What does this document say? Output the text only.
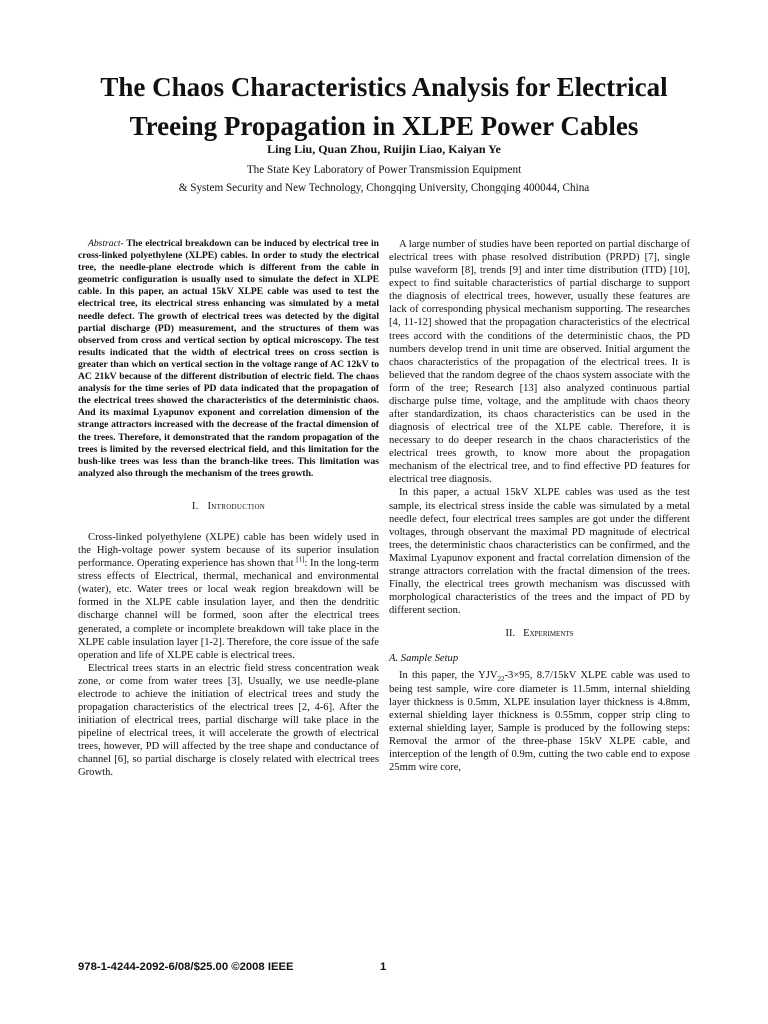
The Chaos Characteristics Analysis for Electrical
Treeing Propagation in XLPE Power Cables
Ling Liu, Quan Zhou, Ruijin Liao, Kaiyan Ye
The State Key Laboratory of Power Transmission Equipment
& System Security and New Technology, Chongqing University, Chongqing 400044, China

Abstract- The electrical breakdown can be induced by electrical tree in cross-linked polyethylene (XLPE) cables. In order to study the electrical tree, the needle-plane electrode which is different from the cable in geometric configuration is usually used to simulate the defect in XLPE cable. In this paper, an actual 15kV XLPE cable was used to test the electrical tree, its electrical stress enhancing was simulated by a metal needle defect. The growth of electrical trees was detected by the digital partial discharge (PD) measurement, and the structures of them was observed from cross and vertical section by optical microscopy. The test results indicated that the width of electrical trees on cross section is greater than which on vertical section in the voltage range of AC 12kV to AC 21kV because of the different distribution of electric field. The chaos analysis for the time series of PD data indicated that the propagation of the electrical trees showed the characteristics of the deterministic chaos. And its maximal Lyapunov exponent and correlation dimension of the strange attractors increased with the decrease of the fractal dimension of the trees. Therefore, it demonstrated that the random propagation of the trees is limited by the reversed electrical field, and this limitation for the bush-like trees was less than the branch-like trees. This limitation was analyzed also through the mechanism of the trees growth.

I. Introduction

Cross-linked polyethylene (XLPE) cable has been widely used in the High-voltage power system because of its superior insulation performance. Operating experience has shown that [1]: In the long-term stress effects of Electrical, thermal, mechanical and environmental (water), etc. Water trees or local weak region breakdown will be formed in the XLPE cable insulation layer, and then the dendritic discharge channel will be formed, soon after the electrical trees generated, a complete or incomplete breakdown will take place in the XLPE cable insulation layer [1-2]. Therefore, the core issue of the safe operation and life of XLPE cable is electrical trees.

Electrical trees starts in an electric field stress concentration weak zone, or come from water trees [3]. Usually, we use needle-plane electrode to achieve the initiation of electrical trees and study the propagation characteristics of the electrical trees [2, 4-6]. After the initiation of electrical trees, partial discharge will take place in the pipeline of electrical trees, it will accelerate the growth of electrical trees, however, PD will affected by the tree shape and conductance of channel [6], so partial discharge is closely related with electrical trees Growth.

A large number of studies have been reported on partial discharge of electrical trees with phase resolved distribution (PRPD) [7], single pulse waveform [8], trends [9] and inter time distribution (ITD) [10], expect to find suitable characteristics of partial discharge to support the diagnosis of electrical trees, however, usually these features are lack of corresponding physical mechanism supporting. The researches [4, 11-12] showed that the propagation characteristics of the electrical trees accord with the conditions of the deterministic chaos, the PD numbers develop trend in unit time are observed. Initial argument the chaos characteristics of the propagation of the electrical trees. It is believed that the random degree of the chaos system associate with the form of the tree; Research [13] also analyzed continuous partial discharge pulse time, voltage, and the amplitude with chaos theory after standardization, its chaos characteristics can be used in the diagnosis of electrical tree of the XLPE cable. Therefore, it is necessary to do deeper research in the chaos characteristics of the electrical trees growth, to know more about the propagation mechanism of the electrical tree, and to find effective PD features for electrical tree diagnosis.

In this paper, a actual 15kV XLPE cables was used as the test sample, its electrical stress inside the cable was simulated by a metal needle defect, four electrical trees samples are got under the different voltages, through observant the maximal PD magnitude of electrical trees, the deterministic chaos characteristics can be confirmed, and the Maximal Lyapunov exponent and fractal correlation dimension of the strange attractors correlation with the fractal dimension of the trees. Finally, the electrical trees growth mechanism was discussed with morphological characteristics of the trees and the impact of PD by different section.

II. Experiments
A. Sample Setup

In this paper, the $YJV_{22}-3\times 95$, 8.7/15kV XLPE cable was used to being test sample, wire core diameter is 11.5mm, internal shielding layer thickness is 0.5mm, XLPE insulation layer thickness is 4.8mm, external shielding layer thickness is 0.55mm, copper strip cling to external shielding layer, Sample is produced by the following steps: Removal the armor of the three-phase 15kV XLPE cable, and interception of the length of 0.9m, cutting the two cable end to expose 25mm wire core,

978-1-4244-2092-6/08/$25.00 ©2008 IEEE	1
